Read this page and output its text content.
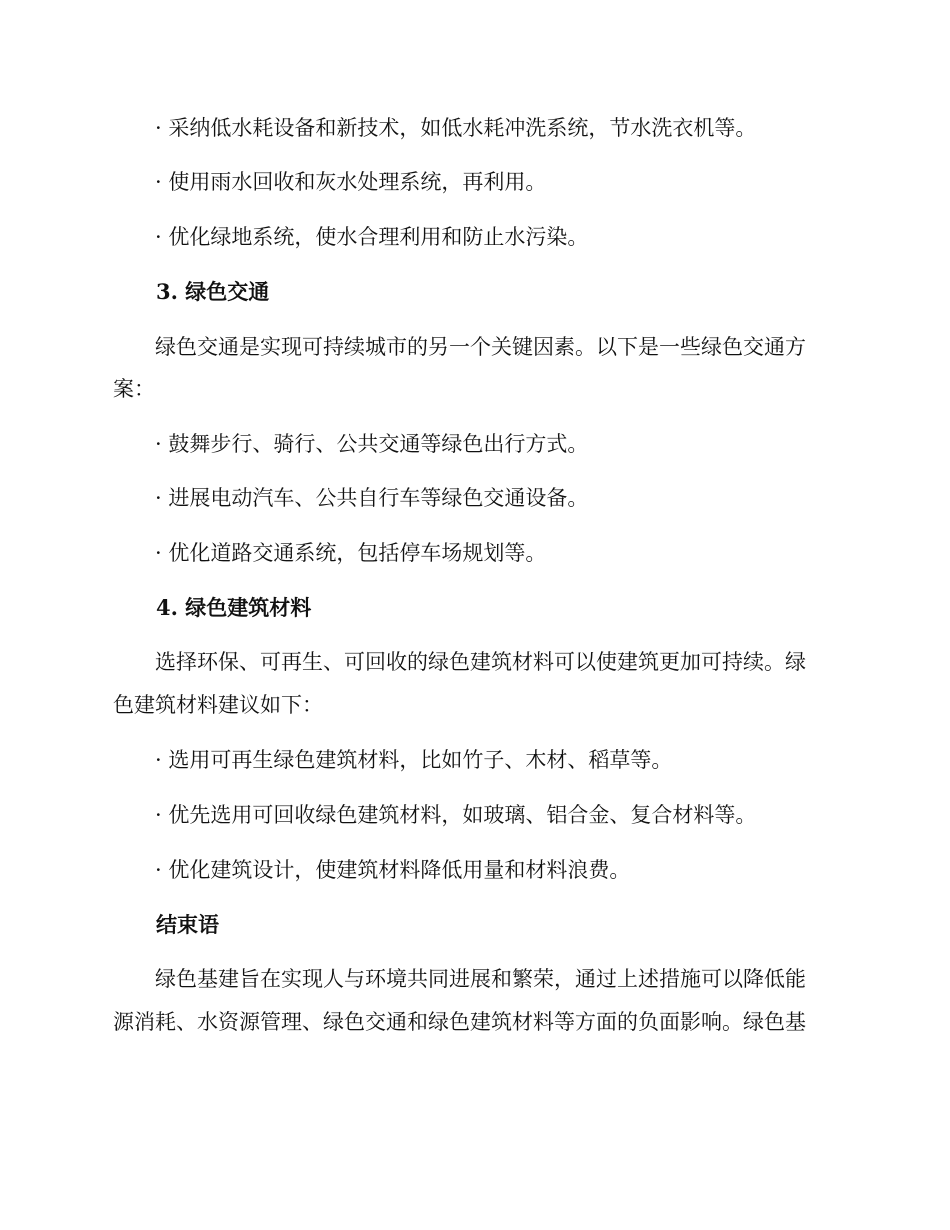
· 采纳低水耗设备和新技术，如低水耗冲洗系统，节水洗衣机等。
· 使用雨水回收和灰水处理系统，再利用。
· 优化绿地系统，使水合理利用和防止水污染。
3. 绿色交通
绿色交通是实现可持续城市的另一个关键因素。以下是一些绿色交通方
案：
· 鼓舞步行、骑行、公共交通等绿色出行方式。
· 进展电动汽车、公共自行车等绿色交通设备。
· 优化道路交通系统，包括停车场规划等。
4. 绿色建筑材料
选择环保、可再生、可回收的绿色建筑材料可以使建筑更加可持续。绿
色建筑材料建议如下：
· 选用可再生绿色建筑材料，比如竹子、木材、稻草等。
· 优先选用可回收绿色建筑材料，如玻璃、铝合金、复合材料等。
· 优化建筑设计，使建筑材料降低用量和材料浪费。
结束语
绿色基建旨在实现人与环境共同进展和繁荣，通过上述措施可以降低能
源消耗、水资源管理、绿色交通和绿色建筑材料等方面的负面影响。绿色基
